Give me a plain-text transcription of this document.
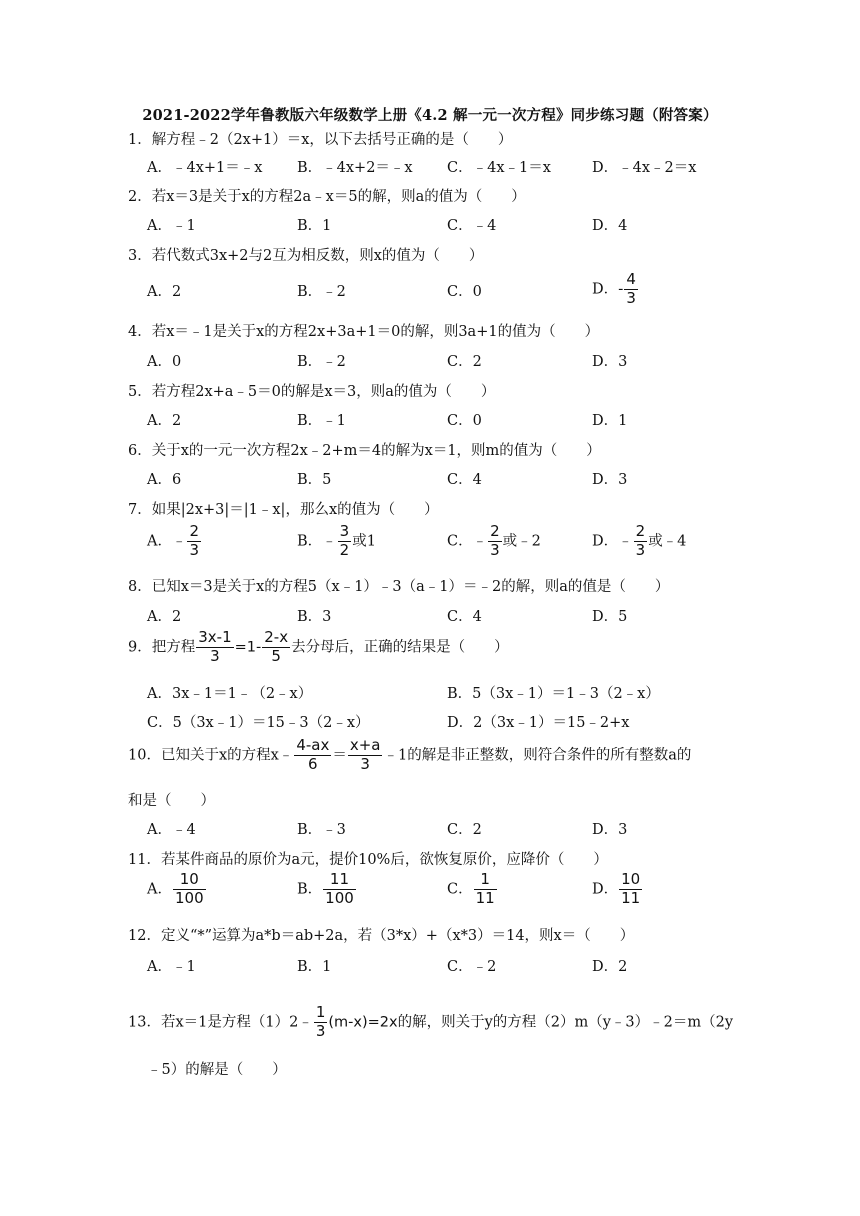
2021-2022学年鲁教版六年级数学上册《4.2 解一元一次方程》同步练习题（附答案）
1．解方程﹣2（2x+1）＝x，以下去括号正确的是（　　）
A．﹣4x+1＝﹣x B．﹣4x+2＝﹣x C．﹣4x﹣1＝x	D．﹣4x﹣2＝x
2．若x＝3是关于x的方程2a﹣x＝5的解，则a的值为（　　）
A．﹣1	B．1	C．﹣4	D．4
3．若代数式3x+2与2互为相反数，则x的值为（　　）
A．2	B．﹣2	C．0	D．- $\frac{4}{3}$
4．若x＝﹣1是关于x的方程2x+3a+1＝0的解，则3a+1的值为（　　）
A．0	B．﹣2	C．2	D．3
5．若方程2x+a﹣5＝0的解是x＝3，则a的值为（　　）
A．2	B．﹣1	C．0	D．1
6．关于x的一元一次方程2x﹣2+m＝4的解为x＝1，则m的值为（　　）
A．6	B．5	C．4	D．3
7．如果|2x+3|＝|1﹣x|，那么x的值为（　　）
A．﹣ $\frac{2}{3}$	B．﹣ $\frac{3}{2}$ 或1	C．﹣ $\frac{2}{3}$ 或﹣2	D．﹣ $\frac{2}{3}$ 或﹣4
8．已知x＝3是关于x的方程5（x﹣1）﹣3（a﹣1）＝﹣2的解，则a的值是（　　）
A．2	B．3	C．4	D．5
9．把方程 $\frac{3x-1}{3} =1- \frac{2-x}{5}$ 去分母后，正确的结果是（　　）
A．3x﹣1＝1﹣（2﹣x）	B．5（3x﹣1）＝1﹣3（2﹣x）
C．5（3x﹣1）＝15﹣3（2﹣x）	D．2（3x﹣1）＝15﹣2+x
10．已知关于x的方程x﹣ $\frac{4-ax}{6} = \frac{x+a}{3}$ ﹣1的解是非正整数，则符合条件的所有整数a的
和是（　　）
A．﹣4	B．﹣3	C．2	D．3
11．若某件商品的原价为a元，提价10%后，欲恢复原价，应降价（　　）
A． $\frac{10}{100}$	B． $\frac{11}{100}$	C． $\frac{1}{11}$	D． $\frac{10}{11}$
12．定义“*”运算为a*b＝ab+2a，若（3*x）+（x*3）＝14，则x＝（　　）
A．﹣1	B．1	C．﹣2	D．2
13．若x＝1是方程（1）2﹣ $\frac{1}{3} (m-x)=2x$的解，则关于y的方程（2）m（y﹣3）﹣2＝m（2y
﹣5）的解是（　　）
